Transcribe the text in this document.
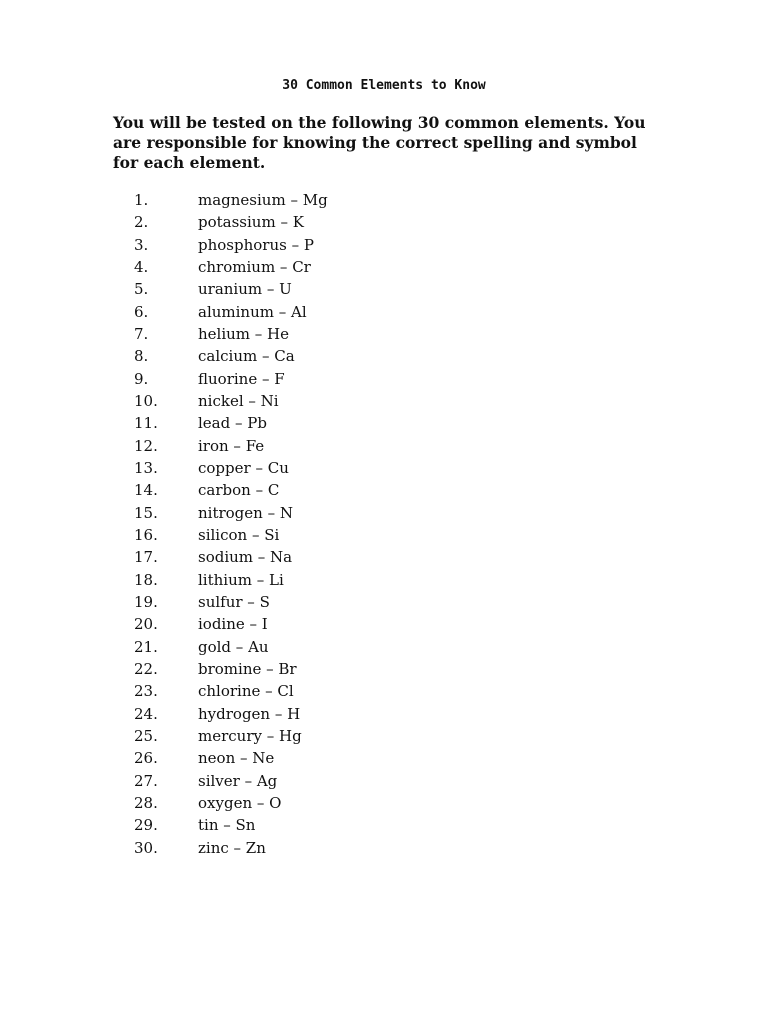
30 Common Elements to Know

You will be tested on the following 30 common elements. You are responsible for knowing the correct spelling and symbol for each element.

1.	magnesium – Mg
2.	potassium – K
3.	phosphorus – P
4.	chromium – Cr
5.	uranium – U
6.	aluminum – Al
7.	helium – He
8.	calcium – Ca
9.	fluorine – F
10.	nickel – Ni
11.	lead – Pb
12.	iron – Fe
13.	copper – Cu
14.	carbon – C
15.	nitrogen – N
16.	silicon – Si
17.	sodium – Na
18.	lithium – Li
19.	sulfur – S
20.	iodine – I
21.	gold – Au
22.	bromine – Br
23.	chlorine – Cl
24.	hydrogen – H
25.	mercury – Hg
26.	neon – Ne
27.	silver – Ag
28.	oxygen – O
29.	tin – Sn
30.	zinc – Zn
